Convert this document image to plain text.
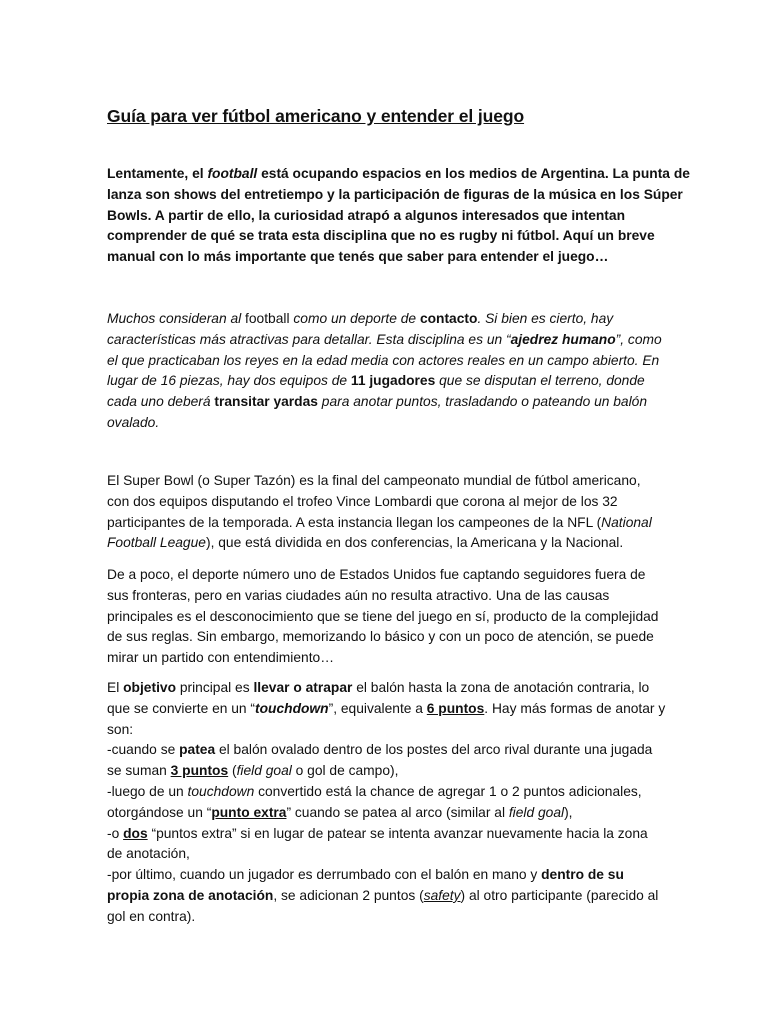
Guía para ver fútbol americano y entender el juego

Lentamente, el football está ocupando espacios en los medios de Argentina. La punta de
lanza son shows del entretiempo y la participación de figuras de la música en los Súper
Bowls. A partir de ello, la curiosidad atrapó a algunos interesados que intentan
comprender de qué se trata esta disciplina que no es rugby ni fútbol. Aquí un breve
manual con lo más importante que tenés que saber para entender el juego…

Muchos consideran al football como un deporte de contacto. Si bien es cierto, hay
características más atractivas para detallar. Esta disciplina es un “ajedrez humano”, como
el que practicaban los reyes en la edad media con actores reales en un campo abierto. En
lugar de 16 piezas, hay dos equipos de 11 jugadores que se disputan el terreno, donde
cada uno deberá transitar yardas para anotar puntos, trasladando o pateando un balón
ovalado.

El Super Bowl (o Super Tazón) es la final del campeonato mundial de fútbol americano,
con dos equipos disputando el trofeo Vince Lombardi que corona al mejor de los 32
participantes de la temporada. A esta instancia llegan los campeones de la NFL (National
Football League), que está dividida en dos conferencias, la Americana y la Nacional.

De a poco, el deporte número uno de Estados Unidos fue captando seguidores fuera de
sus fronteras, pero en varias ciudades aún no resulta atractivo. Una de las causas
principales es el desconocimiento que se tiene del juego en sí, producto de la complejidad
de sus reglas. Sin embargo, memorizando lo básico y con un poco de atención, se puede
mirar un partido con entendimiento…

El objetivo principal es llevar o atrapar el balón hasta la zona de anotación contraria, lo
que se convierte en un “touchdown”, equivalente a 6 puntos. Hay más formas de anotar y
son:
-cuando se patea el balón ovalado dentro de los postes del arco rival durante una jugada
se suman 3 puntos (field goal o gol de campo),
-luego de un touchdown convertido está la chance de agregar 1 o 2 puntos adicionales,
otorgándose un “punto extra” cuando se patea al arco (similar al field goal),
-o dos “puntos extra” si en lugar de patear se intenta avanzar nuevamente hacia la zona
de anotación,
-por último, cuando un jugador es derrumbado con el balón en mano y dentro de su
propia zona de anotación, se adicionan 2 puntos (safety) al otro participante (parecido al
gol en contra).
